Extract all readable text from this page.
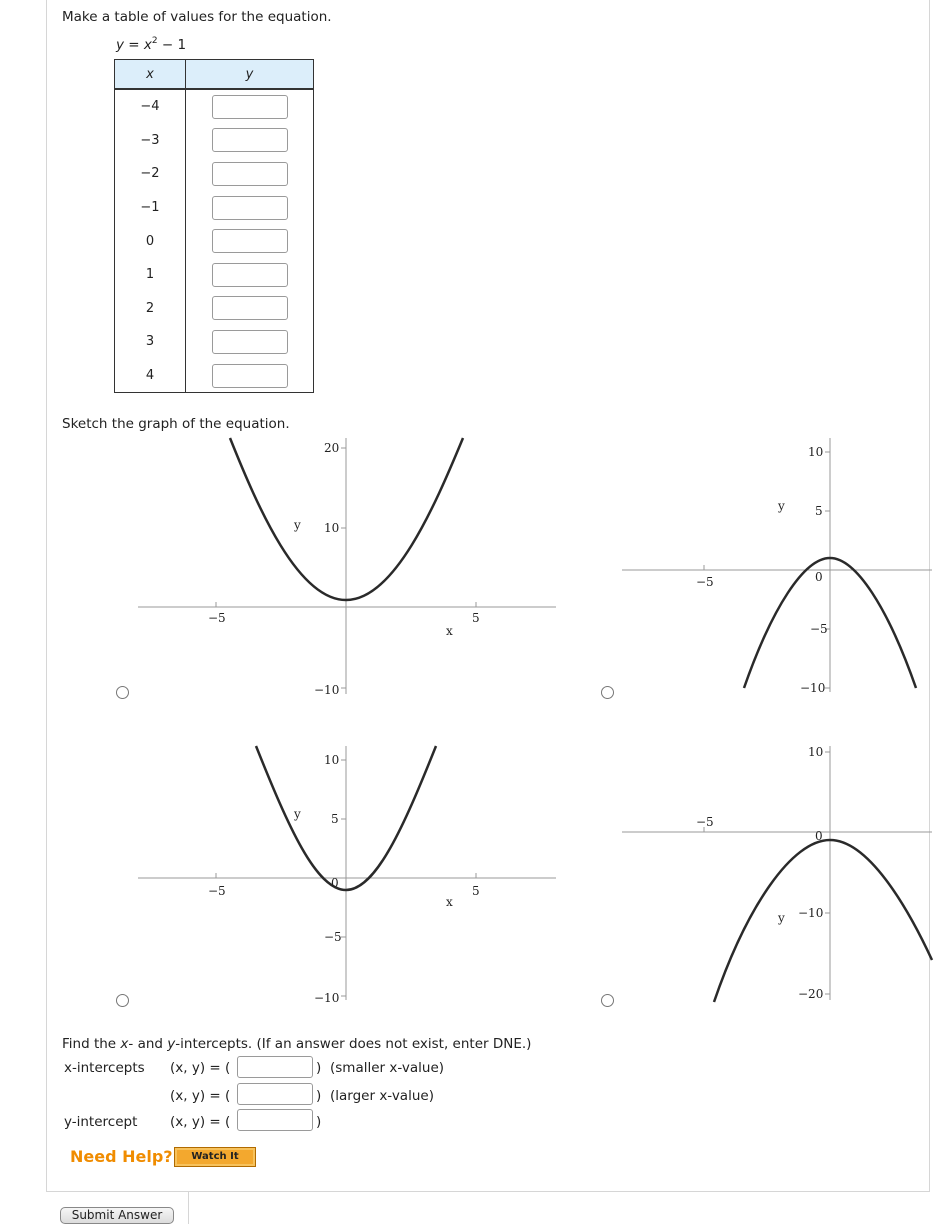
Make a table of values for the equation.
$y = x^2 - 1$
x	y
−4	
−3	
−2	
−1	
0	
1	
2	
3	
4	
Sketch the graph of the equation.
20
10
−10
−5	5
x
y
10
5
0
−5
−10
−5
y
10
5
0
−5
−10
−5	5
x
y
10
0
−10
−20
−5
y
Find the x- and y-intercepts. (If an answer does not exist, enter DNE.)
x-intercepts (x, y) = (	) (smaller x-value)
(x, y) = (	) (larger x-value)
y-intercept (x, y) = (	)
Need Help?	Watch It
Submit Answer
